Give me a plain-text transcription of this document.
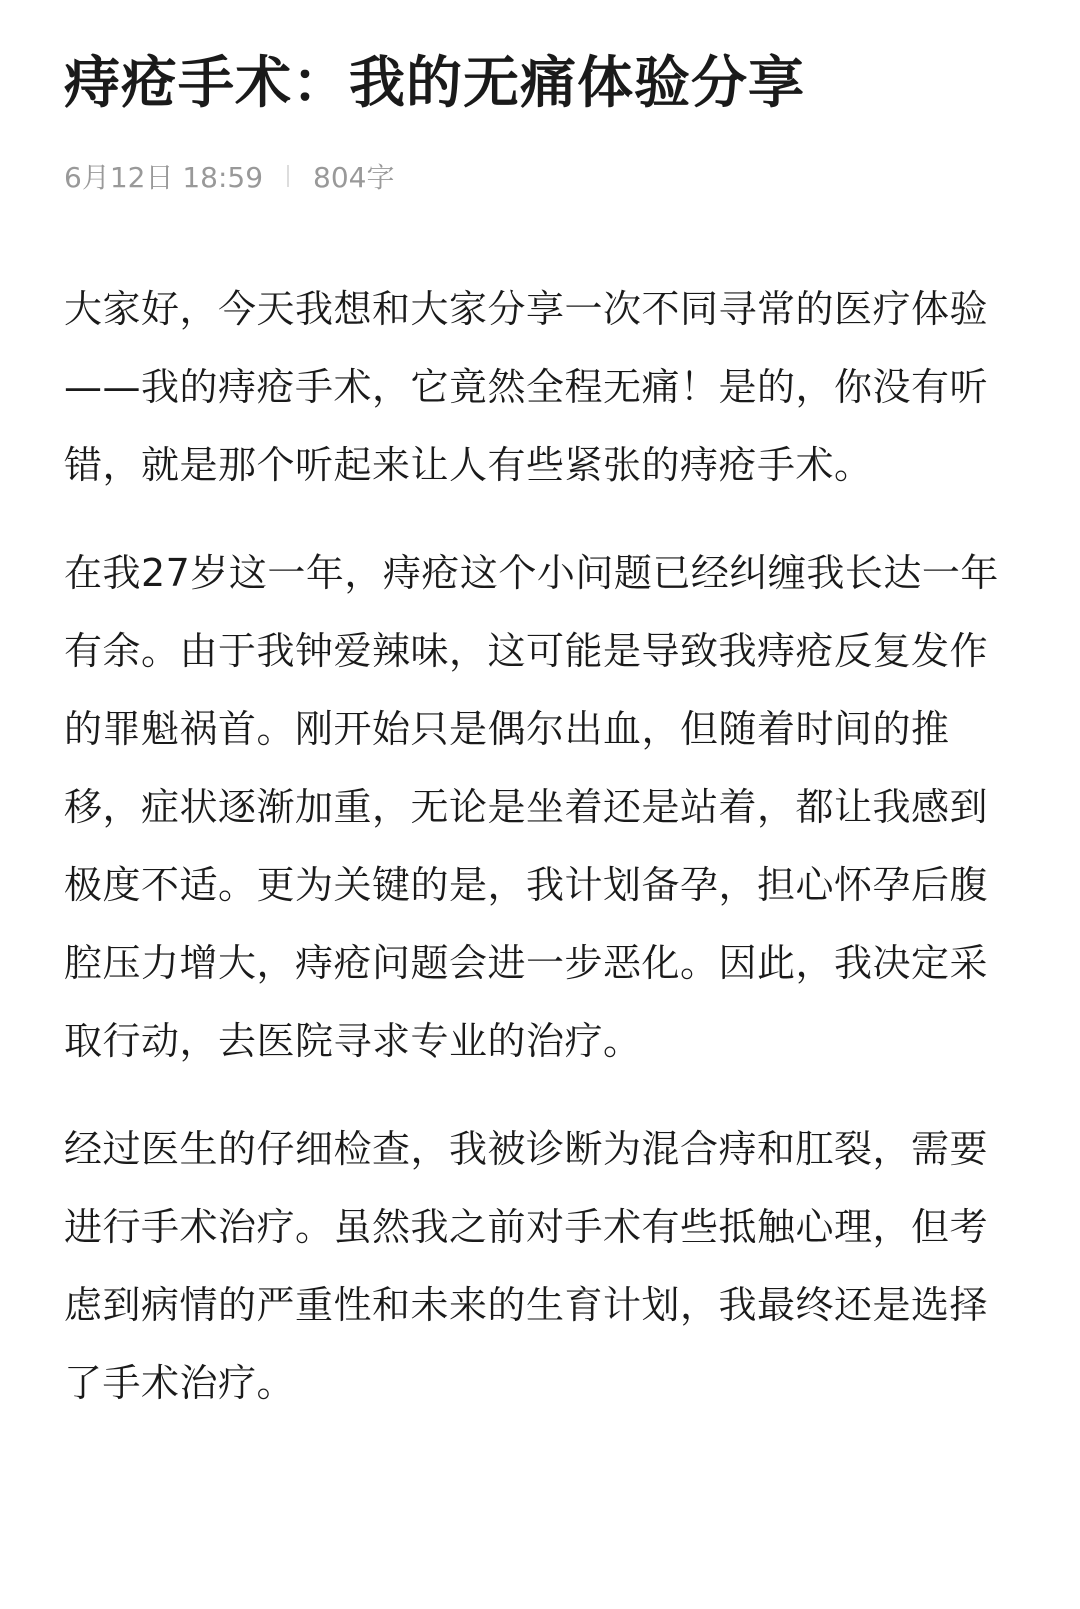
痔疮手术：我的无痛体验分享
6月12日 18:59 804字

大家好，今天我想和大家分享一次不同寻常的医疗体验——我的痔疮手术，它竟然全程无痛！是的，你没有听错，就是那个听起来让人有些紧张的痔疮手术。

在我27岁这一年，痔疮这个小问题已经纠缠我长达一年有余。由于我钟爱辣味，这可能是导致我痔疮反复发作的罪魁祸首。刚开始只是偶尔出血，但随着时间的推移，症状逐渐加重，无论是坐着还是站着，都让我感到极度不适。更为关键的是，我计划备孕，担心怀孕后腹腔压力增大，痔疮问题会进一步恶化。因此，我决定采取行动，去医院寻求专业的治疗。

经过医生的仔细检查，我被诊断为混合痔和肛裂，需要进行手术治疗。虽然我之前对手术有些抵触心理，但考虑到病情的严重性和未来的生育计划，我最终还是选择了手术治疗。
